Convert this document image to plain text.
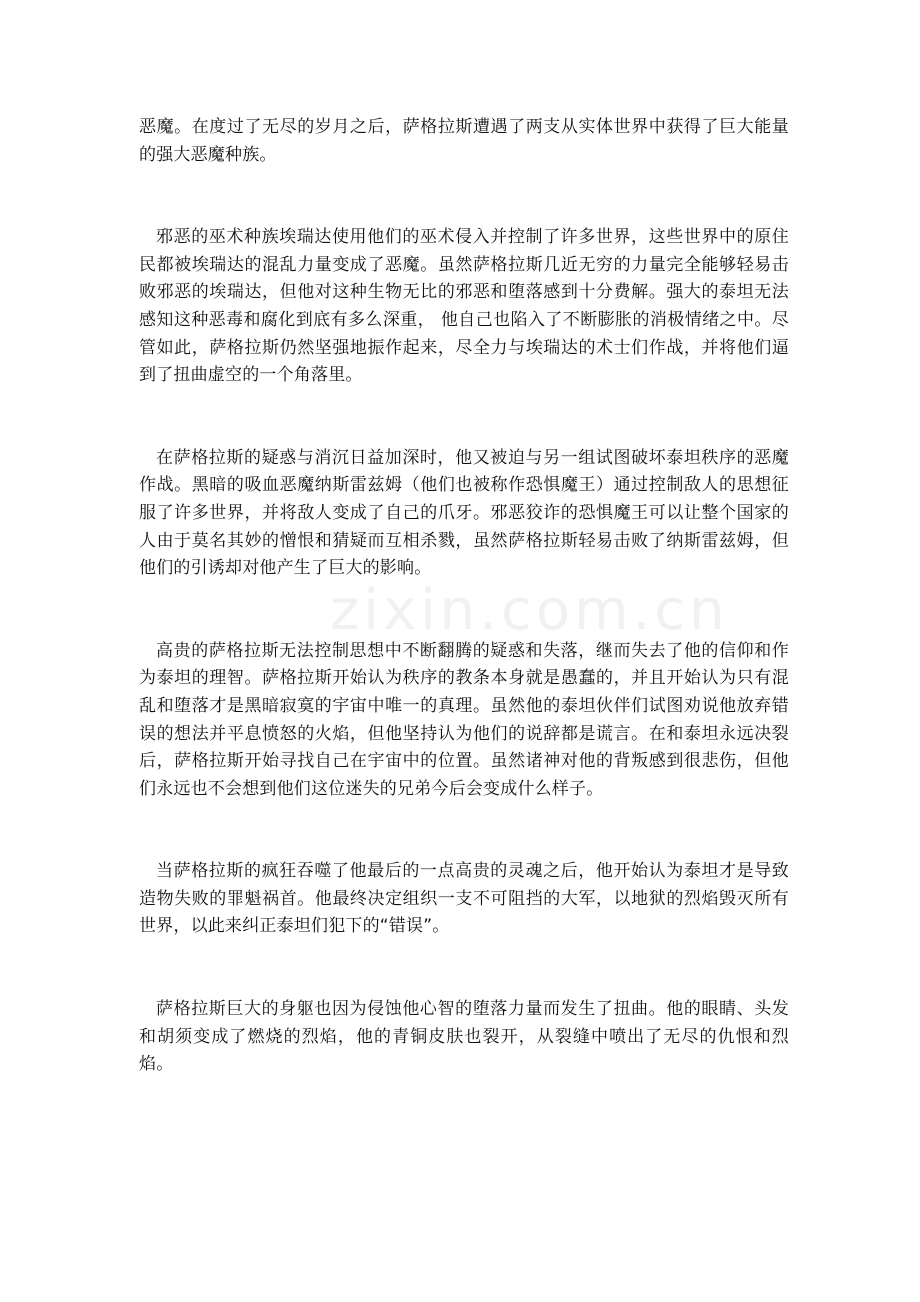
zixin.com.cn

恶魔。在度过了无尽的岁月之后，萨格拉斯遭遇了两支从实体世界中获得了巨大能量的强大恶魔种族。

邪恶的巫术种族埃瑞达使用他们的巫术侵入并控制了许多世界，这些世界中的原住民都被埃瑞达的混乱力量变成了恶魔。虽然萨格拉斯几近无穷的力量完全能够轻易击败邪恶的埃瑞达，但他对这种生物无比的邪恶和堕落感到十分费解。强大的泰坦无法感知这种恶毒和腐化到底有多么深重， 他自己也陷入了不断膨胀的消极情绪之中。尽管如此，萨格拉斯仍然坚强地振作起来，尽全力与埃瑞达的术士们作战，并将他们逼到了扭曲虚空的一个角落里。

在萨格拉斯的疑惑与消沉日益加深时，他又被迫与另一组试图破坏泰坦秩序的恶魔作战。黑暗的吸血恶魔纳斯雷兹姆（他们也被称作恐惧魔王）通过控制敌人的思想征服了许多世界，并将敌人变成了自己的爪牙。邪恶狡诈的恐惧魔王可以让整个国家的人由于莫名其妙的憎恨和猜疑而互相杀戮，虽然萨格拉斯轻易击败了纳斯雷兹姆，但他们的引诱却对他产生了巨大的影响。

高贵的萨格拉斯无法控制思想中不断翻腾的疑惑和失落，继而失去了他的信仰和作为泰坦的理智。萨格拉斯开始认为秩序的教条本身就是愚蠢的，并且开始认为只有混乱和堕落才是黑暗寂寞的宇宙中唯一的真理。虽然他的泰坦伙伴们试图劝说他放弃错误的想法并平息愤怒的火焰，但他坚持认为他们的说辞都是谎言。在和泰坦永远决裂后，萨格拉斯开始寻找自己在宇宙中的位置。虽然诸神对他的背叛感到很悲伤，但他们永远也不会想到他们这位迷失的兄弟今后会变成什么样子。

当萨格拉斯的疯狂吞噬了他最后的一点高贵的灵魂之后，他开始认为泰坦才是导致造物失败的罪魁祸首。他最终决定组织一支不可阻挡的大军，以地狱的烈焰毁灭所有世界，以此来纠正泰坦们犯下的“错误”。

萨格拉斯巨大的身躯也因为侵蚀他心智的堕落力量而发生了扭曲。他的眼睛、头发和胡须变成了燃烧的烈焰，他的青铜皮肤也裂开，从裂缝中喷出了无尽的仇恨和烈焰。
